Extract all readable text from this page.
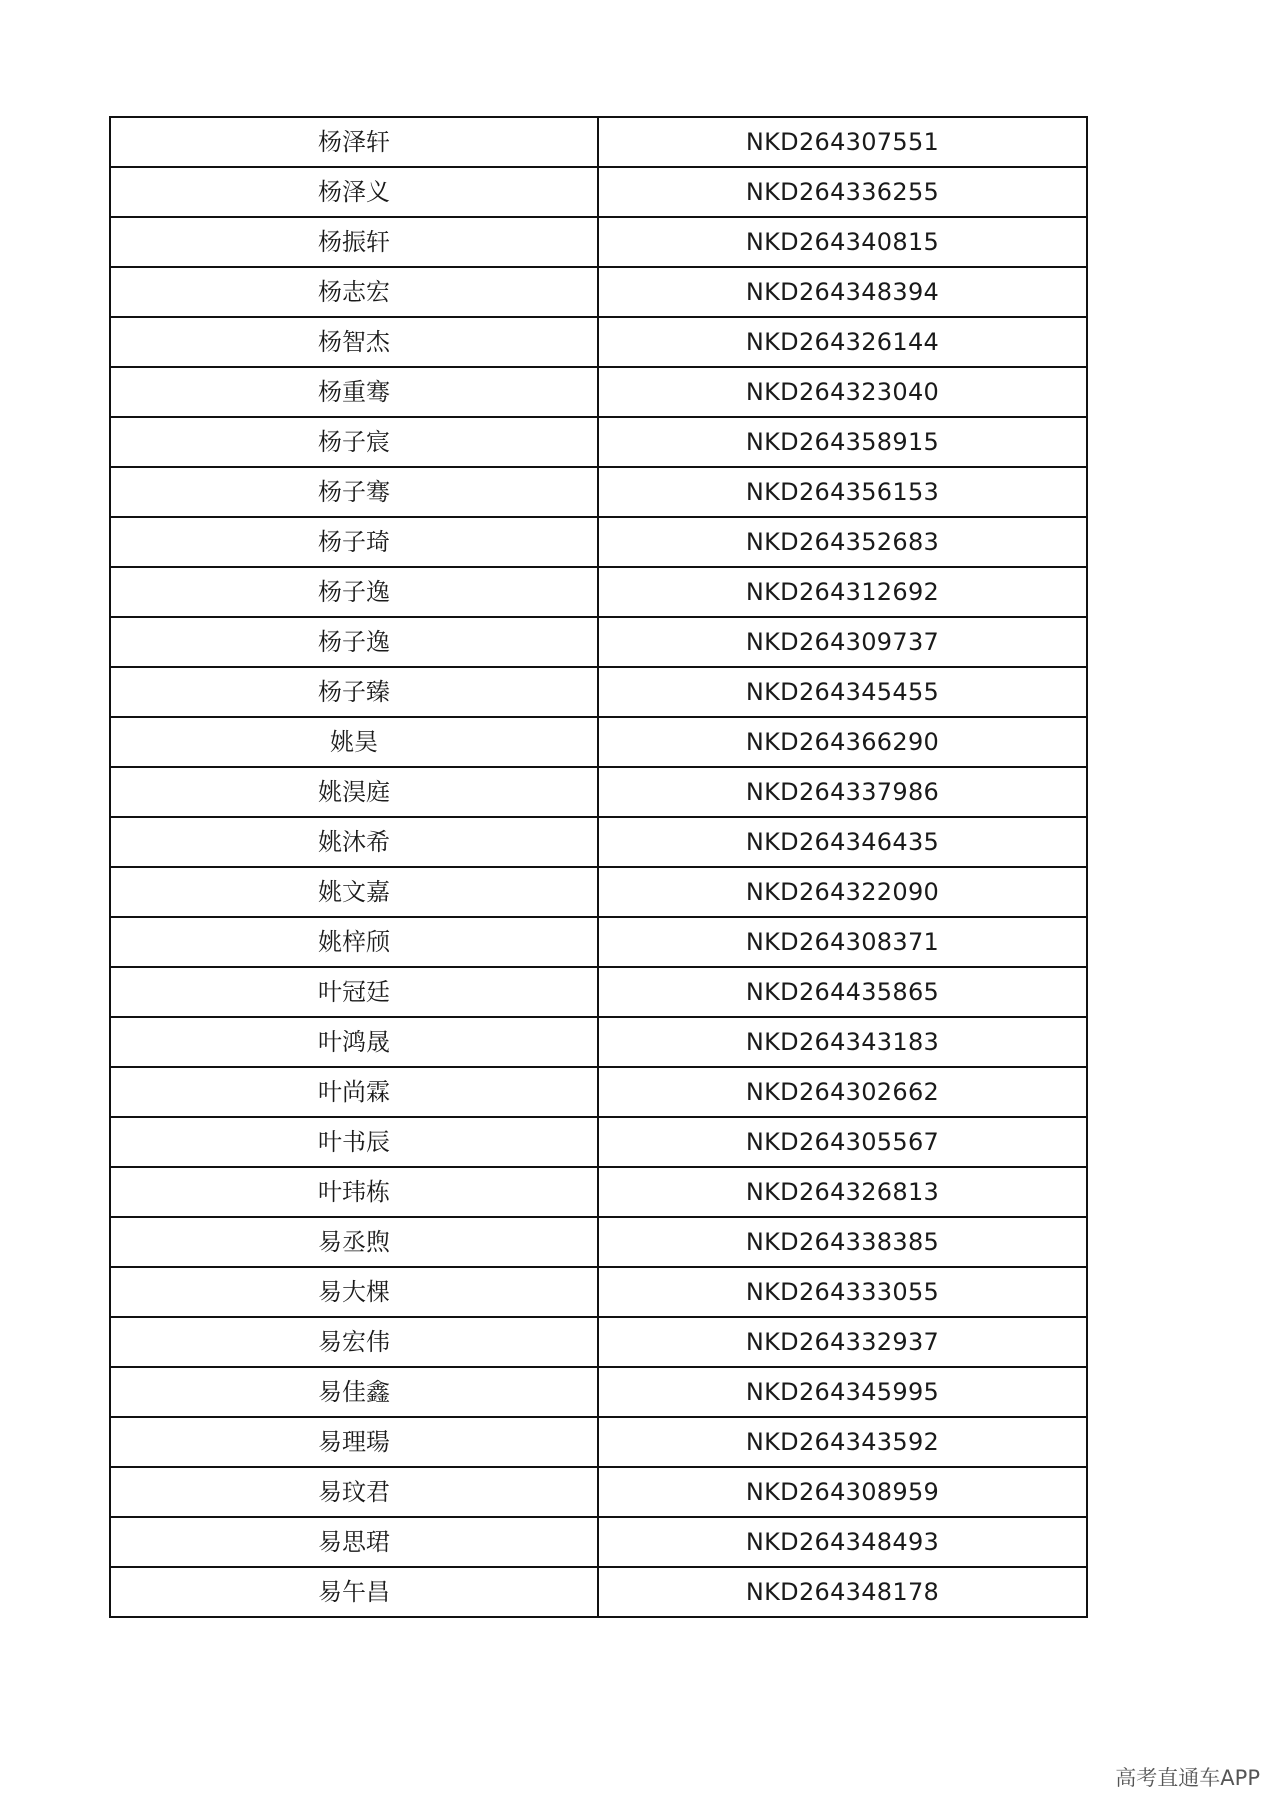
杨泽轩	NKD264307551
杨泽义	NKD264336255
杨振轩	NKD264340815
杨志宏	NKD264348394
杨智杰	NKD264326144
杨重骞	NKD264323040
杨子宸	NKD264358915
杨子骞	NKD264356153
杨子琦	NKD264352683
杨子逸	NKD264312692
杨子逸	NKD264309737
杨子臻	NKD264345455
姚昊	NKD264366290
姚淏庭	NKD264337986
姚沐希	NKD264346435
姚文嘉	NKD264322090
姚梓颀	NKD264308371
叶冠廷	NKD264435865
叶鸿晟	NKD264343183
叶尚霖	NKD264302662
叶书辰	NKD264305567
叶玮栋	NKD264326813
易丞煦	NKD264338385
易大棵	NKD264333055
易宏伟	NKD264332937
易佳鑫	NKD264345995
易理瑒	NKD264343592
易玟君	NKD264308959
易思珺	NKD264348493
易午昌	NKD264348178
高考直通车APP
